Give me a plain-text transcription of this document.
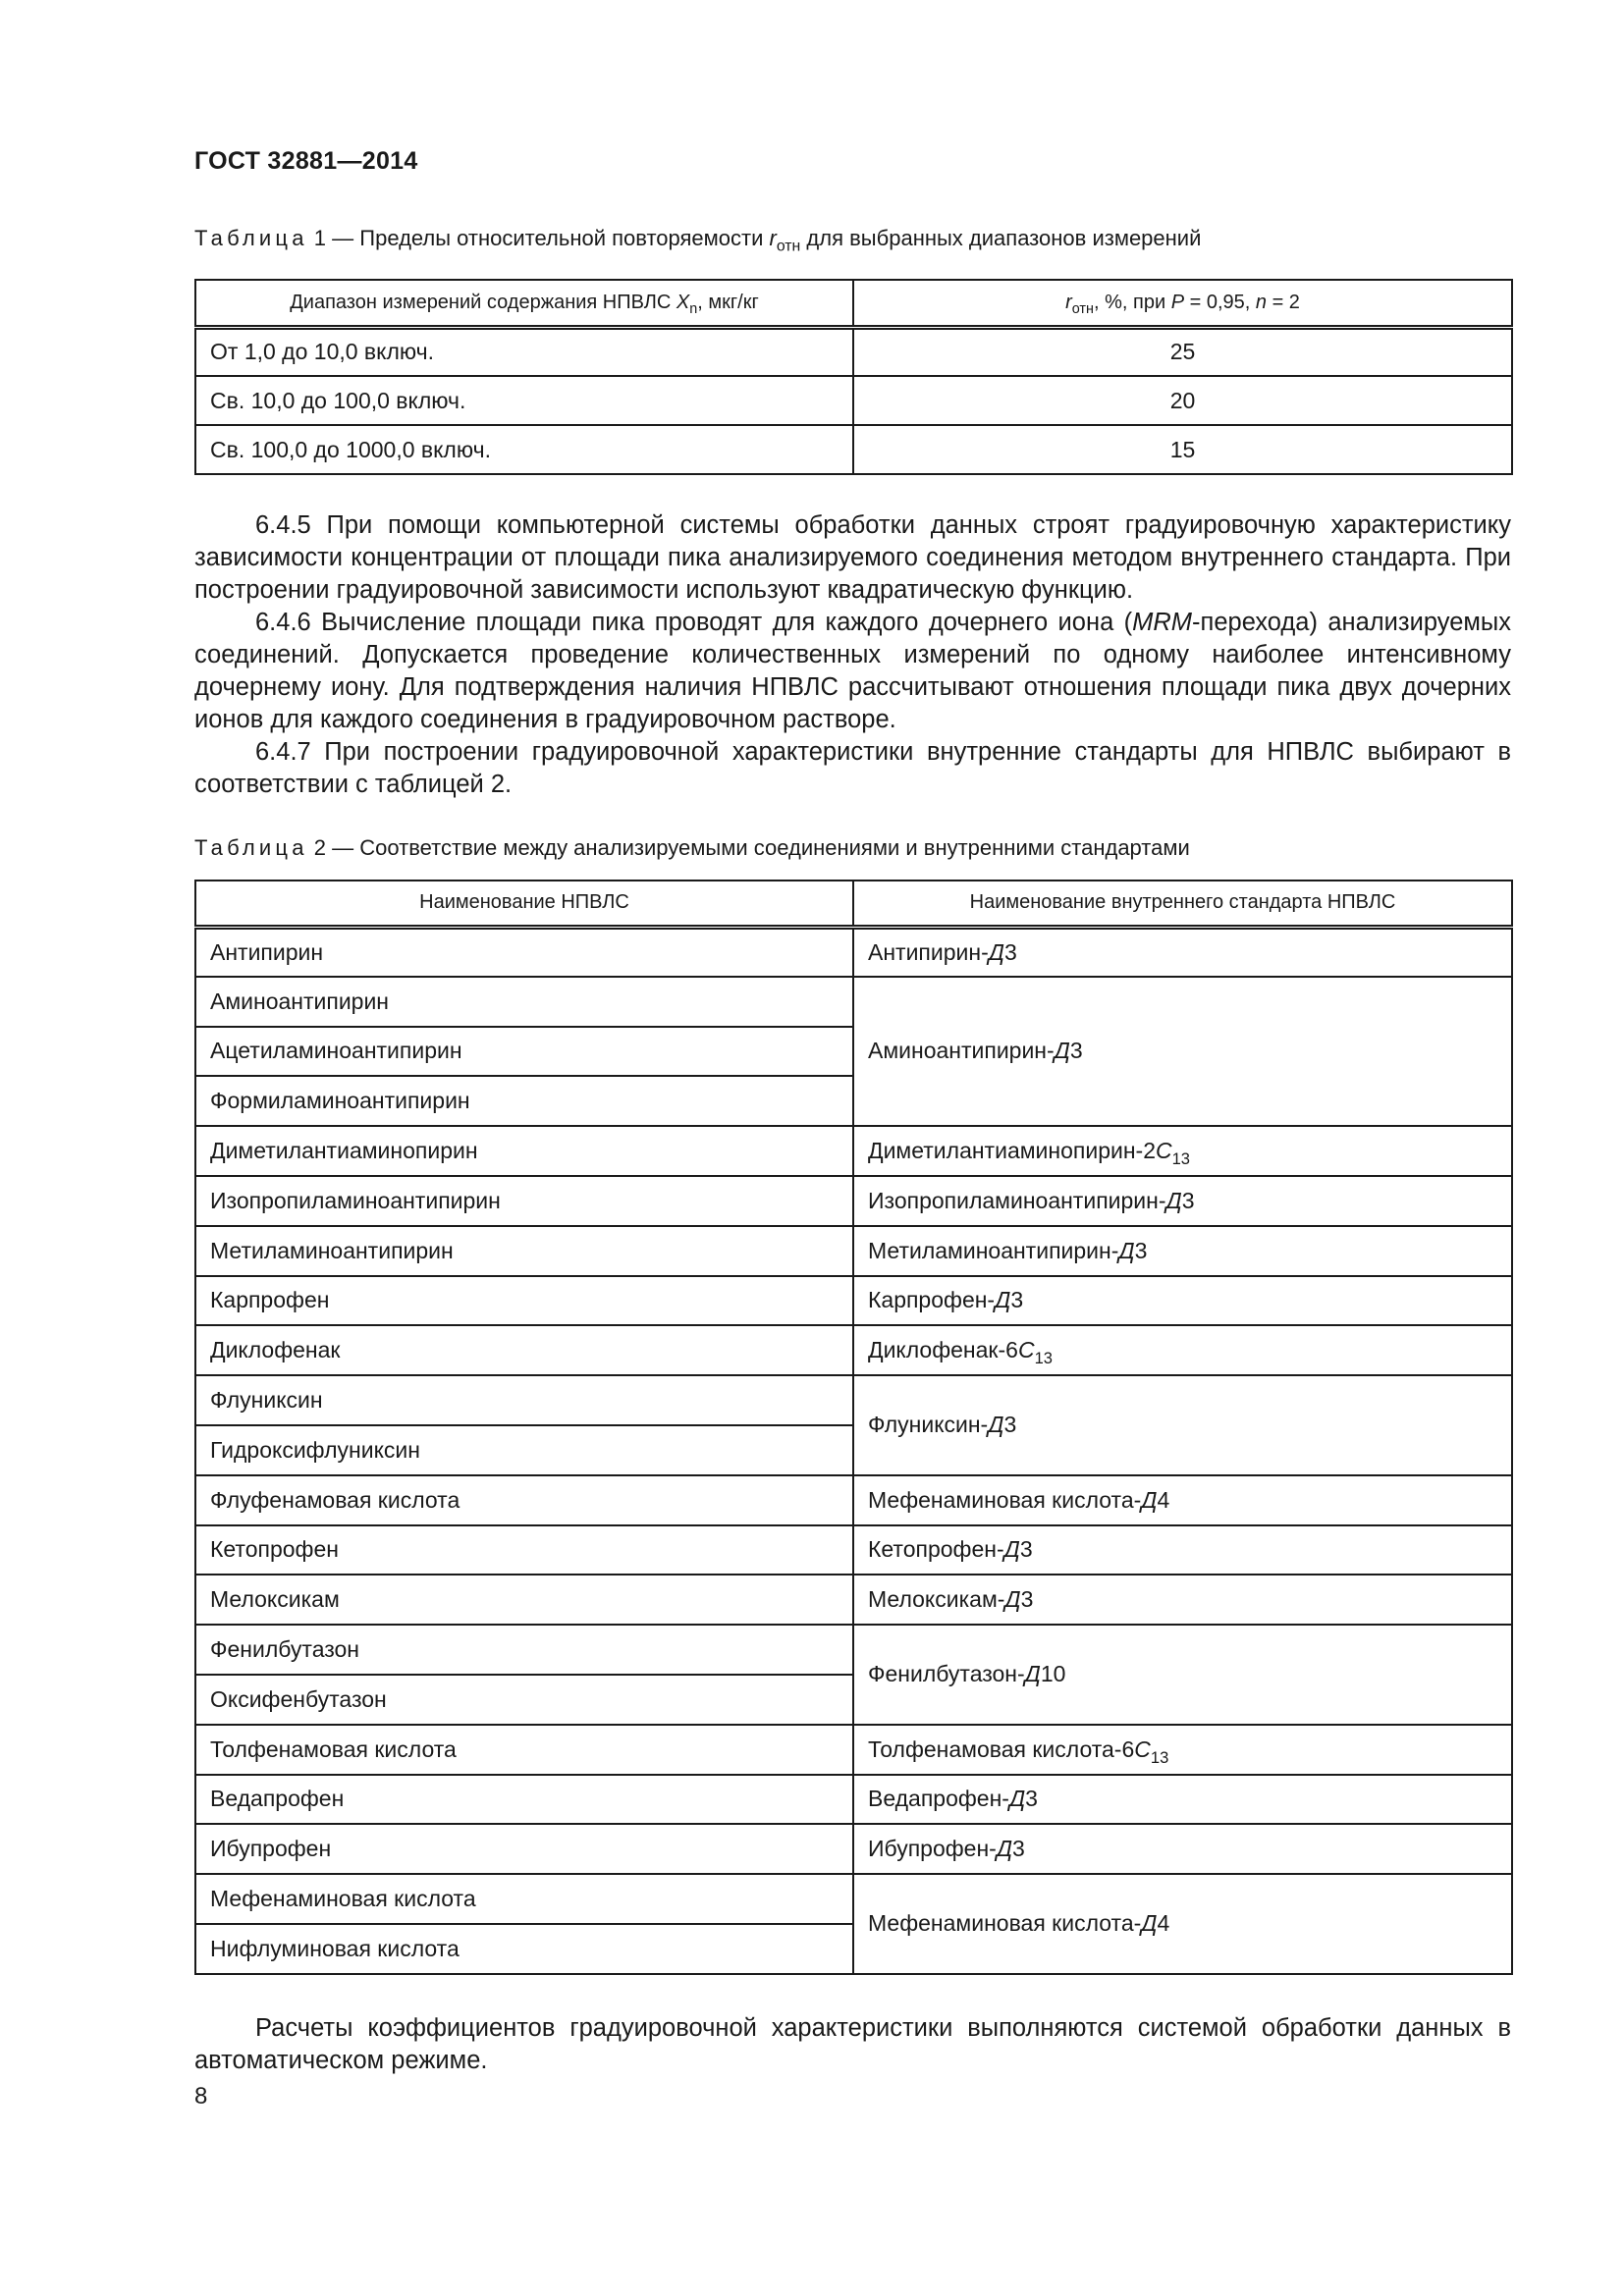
ГОСТ 32881—2014
Таблица 1 — Пределы относительной повторяемости $r_{отн}$ для выбранных диапазонов измерений
Диапазон измерений содержания НПВЛС $X_n$, мкг/кг	$r_{отн}$, %, при P = 0,95, n = 2
От 1,0 до 10,0 включ.	25
Св. 10,0 до 100,0 включ.	20
Св. 100,0 до 1000,0 включ.	15

6.4.5 При помощи компьютерной системы обработки данных строят градуировочную характеристику зависимости концентрации от площади пика анализируемого соединения методом внутреннего стандарта. При построении градуировочной зависимости используют квадратическую функцию.

6.4.6 Вычисление площади пика проводят для каждого дочернего иона (MRM-перехода) анализируемых соединений. Допускается проведение количественных измерений по одному наиболее интенсивному дочернему иону. Для подтверждения наличия НПВЛС рассчитывают отношения площади пика двух дочерних ионов для каждого соединения в градуировочном растворе.

6.4.7 При построении градуировочной характеристики внутренние стандарты для НПВЛС выбирают в соответствии с таблицей 2.

Таблица 2 — Соответствие между анализируемыми соединениями и внутренними стандартами
Наименование НПВЛС	Наименование внутреннего стандарта НПВЛС
Антипирин	Антипирин-Д3
Аминоантипирин	Аминоантипирин-Д3
Ацетиламиноантипирин	
Формиламиноантипирин	
Диметилантиаминопирин	Диметилантиаминопирин-$2С_{13}$
Изопропиламиноантипирин	Изопропиламиноантипирин-Д3
Метиламиноантипирин	Метиламиноантипирин-Д3
Карпрофен	Карпрофен-Д3
Диклофенак	Диклофенак-$6С_{13}$
Флуниксин	Флуниксин-Д3
Гидроксифлуниксин	
Флуфенамовая кислота	Мефенаминовая кислота-Д4
Кетопрофен	Кетопрофен-Д3
Мелоксикам	Мелоксикам-Д3
Фенилбутазон	Фенилбутазон-Д10
Оксифенбутазон	
Толфенамовая кислота	Толфенамовая кислота-$6С_{13}$
Ведапрофен	Ведапрофен-Д3
Ибупрофен	Ибупрофен-Д3
Мефенаминовая кислота	Мефенаминовая кислота-Д4
Нифлуминовая кислота	

Расчеты коэффициентов градуировочной характеристики выполняются системой обработки данных в автоматическом режиме.

8
